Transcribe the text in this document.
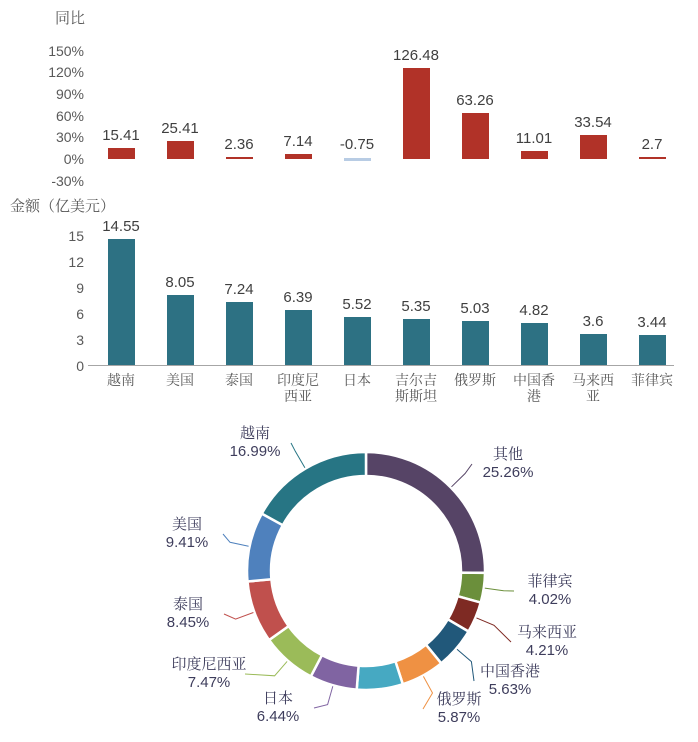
同比
150%
120%
90%
60%
30%
0%
-30%
15.41	25.41
2.36	7.14	-0.75
126.48
63.26
11.01
33.54
2.7
金额（亿美元）
15
12
9
6
3
0
14.55
越南
8.05
美国
7.24
泰国
6.39
印度尼
西亚
5.52
日本
5.35
吉尔吉
斯斯坦
5.03
俄罗斯
4.82
中国香
港
3.6
马来西
亚
3.44
菲律宾
其他
25.26%
菲律宾
4.02%
马来西亚
4.21%
中国香港
5.63%
俄罗斯
5.87%
日本
6.44%
印度尼西亚
7.47%
泰国
8.45%
美国
9.41%
越南
16.99%
